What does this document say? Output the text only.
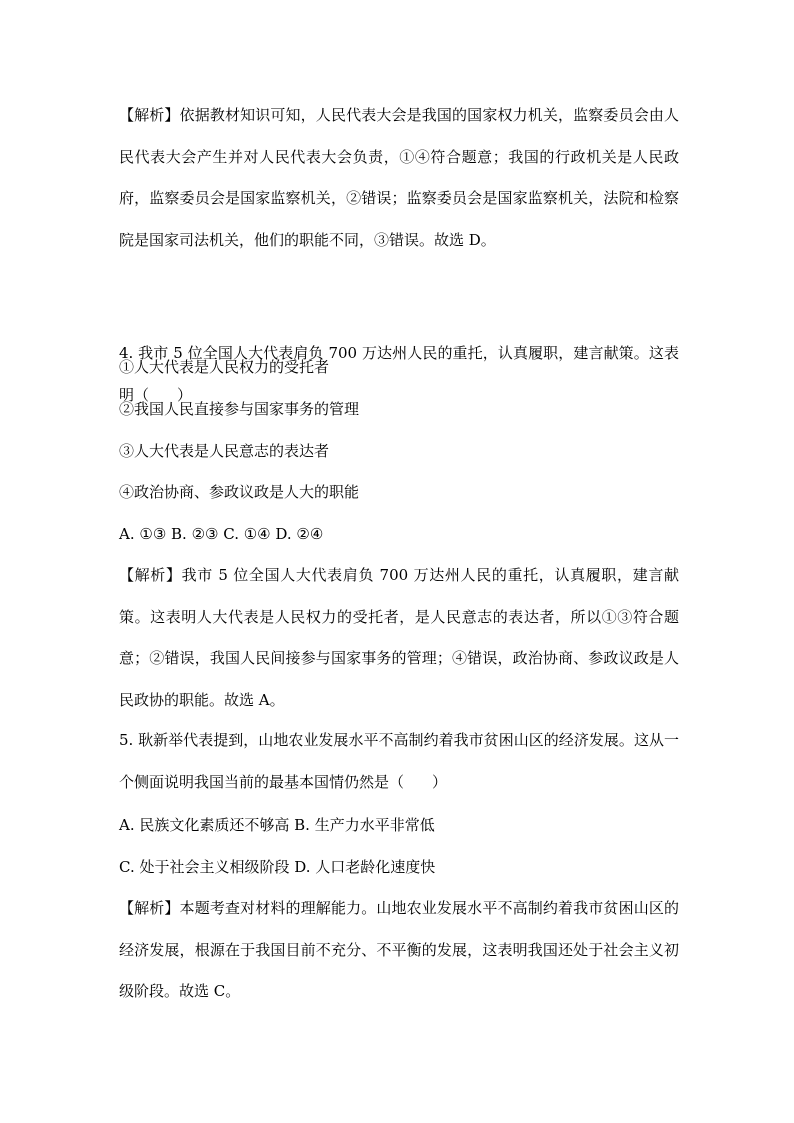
【解析】依据教材知识可知，人民代表大会是我国的国家权力机关，监察委员会由人民代表大会产生并对人民代表大会负责，①④符合题意；我国的行政机关是人民政府，监察委员会是国家监察机关，②错误；监察委员会是国家监察机关，法院和检察院是国家司法机关，他们的职能不同，③错误。故选 D。

4. 我市 5 位全国人大代表肩负 700 万达州人民的重托，认真履职，建言献策。这表明（ ）

①人大代表是人民权力的受托者

②我国人民直接参与国家事务的管理

③人大代表是人民意志的表达者

④政治协商、参政议政是人大的职能

A. ①③ B. ②③ C. ①④ D. ②④

【解析】我市 5 位全国人大代表肩负 700 万达州人民的重托，认真履职，建言献策。这表明人大代表是人民权力的受托者，是人民意志的表达者，所以①③符合题意；②错误，我国人民间接参与国家事务的管理；④错误，政治协商、参政议政是人民政协的职能。故选 A。

5. 耿新举代表提到，山地农业发展水平不高制约着我市贫困山区的经济发展。这从一个侧面说明我国当前的最基本国情仍然是（ ）

A. 民族文化素质还不够高 B. 生产力水平非常低

C. 处于社会主义相级阶段 D. 人口老龄化速度快

【解析】本题考查对材料的理解能力。山地农业发展水平不高制约着我市贫困山区的经济发展，根源在于我国目前不充分、不平衡的发展，这表明我国还处于社会主义初级阶段。故选 C。
